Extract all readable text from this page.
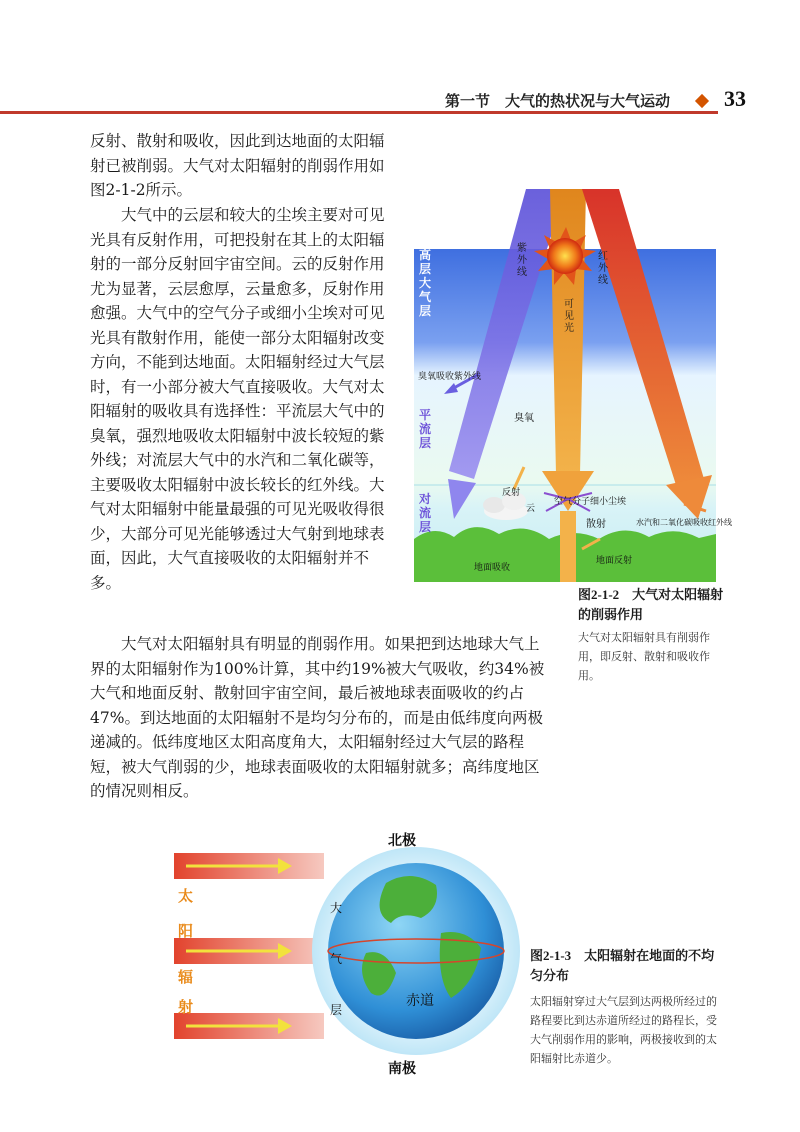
第一节　大气的热状况与大气运动	33

反射、散射和吸收，因此到达地面的太阳辐射已被削弱。大气对太阳辐射的削弱作用如图2-1-2所示。

大气中的云层和较大的尘埃主要对可见光具有反射作用，可把投射在其上的太阳辐射的一部分反射回宇宙空间。云的反射作用尤为显著，云层愈厚，云量愈多，反射作用愈强。大气中的空气分子或细小尘埃对可见光具有散射作用，能使一部分太阳辐射改变方向，不能到达地面。太阳辐射经过大气层时，有一小部分被大气直接吸收。大气对太阳辐射的吸收具有选择性：平流层大气中的臭氧，强烈地吸收太阳辐射中波长较短的紫外线；对流层大气中的水汽和二氧化碳等，主要吸收太阳辐射中波长较长的红外线。大气对太阳辐射中能量最强的可见光吸收得很少，大部分可见光能够透过大气射到地球表面，因此，大气直接吸收的太阳辐射并不多。

大气对太阳辐射具有明显的削弱作用。如果把到达地球大气上界的太阳辐射作为100%计算，其中约19%被大气吸收，约34%被大气和地面反射、散射回宇宙空间，最后被地球表面吸收的约占47%。到达地面的太阳辐射不是均匀分布的，而是由低纬度向两极递减的。低纬度地区太阳高度角大，太阳辐射经过大气层的路程短，被大气削弱的少，地球表面吸收的太阳辐射就多；高纬度地区的情况则相反。

高层大气层
平流层
对流层
紫外线
可见光
红外线
臭氧吸收紫外线
臭氧
反射
云
空气分子细小尘埃
散射	水汽和二氧化碳吸收红外线
地面反射
地面吸收

图2-1-2　大气对太阳辐射的削弱作用

大气对太阳辐射具有削弱作用，即反射、散射和吸收作用。

北极
南极
赤道
大
气
层
太
阳
辐
射

图2-1-3　太阳辐射在地面的不均匀分布

太阳辐射穿过大气层到达两极所经过的路程要比到达赤道所经过的路程长，受大气削弱作用的影响，两极接收到的太阳辐射比赤道少。
